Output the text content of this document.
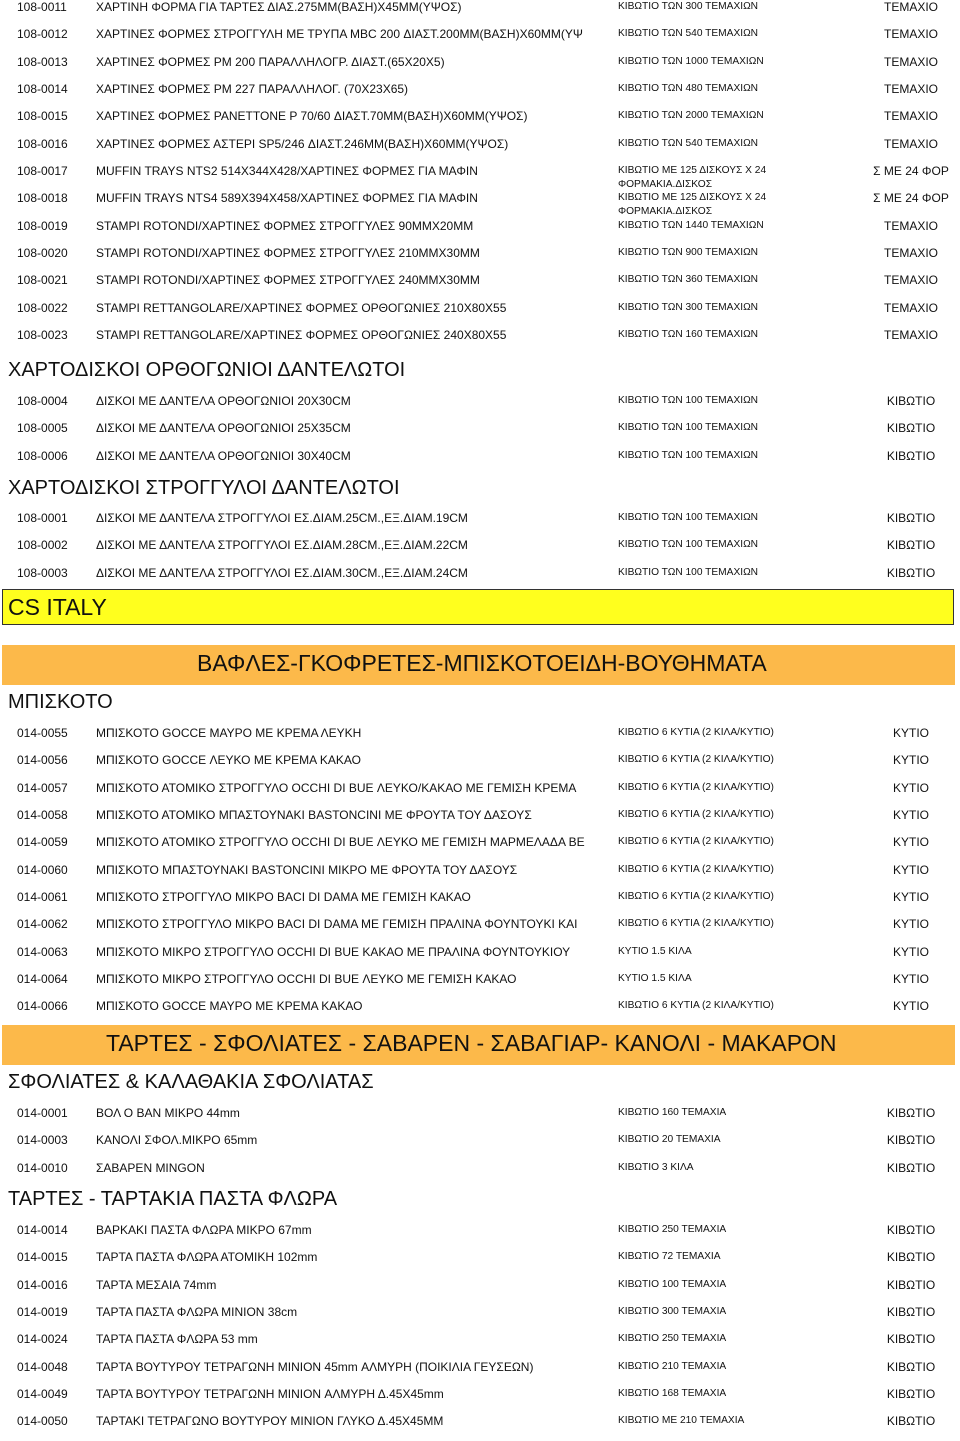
108-0011	ΧΑΡΤΙΝΗ ΦΟΡΜΑ ΓΙΑ ΤΑΡΤΕΣ ΔΙΑΣ.275ΜΜ(ΒΑΣΗ)Χ45ΜΜ(ΥΨΟΣ)	ΚΙΒΩΤΙΟ ΤΩΝ 300 ΤΕΜΑΧΙΩΝ	ΤΕΜΑΧΙΟ
108-0012	ΧΑΡΤΙΝΕΣ ΦΟΡΜΕΣ ΣΤΡΟΓΓΥΛΗ ΜΕ ΤΡΥΠΑ MBC 200 ΔΙΑΣΤ.200ΜΜ(ΒΑΣΗ)Χ60ΜΜ(ΥΨ	ΚΙΒΩΤΙΟ ΤΩΝ 540 ΤΕΜΑΧΙΩΝ	ΤΕΜΑΧΙΟ
108-0013	ΧΑΡΤΙΝΕΣ ΦΟΡΜΕΣ PM 200 ΠΑΡΑΛΛΗΛΟΓΡ. ΔΙΑΣΤ.(65Χ20Χ5)	ΚΙΒΩΤΙΟ ΤΩΝ 1000 ΤΕΜΑΧΙΩΝ	ΤΕΜΑΧΙΟ
108-0014	ΧΑΡΤΙΝΕΣ ΦΟΡΜΕΣ PM 227 ΠΑΡΑΛΛΗΛΟΓ. (70Χ23Χ65)	ΚΙΒΩΤΙΟ ΤΩΝ 480 ΤΕΜΑΧΙΩΝ	ΤΕΜΑΧΙΟ
108-0015	ΧΑΡΤΙΝΕΣ ΦΟΡΜΕΣ PANETTONE P 70/60 ΔΙΑΣΤ.70ΜΜ(ΒΑΣΗ)Χ60ΜΜ(ΥΨΟΣ)	ΚΙΒΩΤΙΟ ΤΩΝ 2000 ΤΕΜΑΧΙΩΝ	ΤΕΜΑΧΙΟ
108-0016	ΧΑΡΤΙΝΕΣ ΦΟΡΜΕΣ ΑΣΤΕΡΙ SP5/246 ΔΙΑΣΤ.246ΜΜ(ΒΑΣΗ)Χ60ΜΜ(ΥΨΟΣ)	ΚΙΒΩΤΙΟ ΤΩΝ 540 ΤΕΜΑΧΙΩΝ	ΤΕΜΑΧΙΟ
108-0017	MUFFIN TRAYS NTS2 514X344X428/ΧΑΡΤΙΝΕΣ ΦΟΡΜΕΣ ΓΙΑ ΜΑΦΙΝ	ΚΙΒΩΤΙΟ ΜΕ 125 ΔΙΣΚΟΥΣ Χ 24 ΦΟΡΜΑΚΙΑ.ΔΙΣΚΟΣ
Σ ΜΕ 24 ΦΟΡ
108-0018	MUFFIN TRAYS NTS4 589X394X458/ΧΑΡΤΙΝΕΣ ΦΟΡΜΕΣ ΓΙΑ ΜΑΦΙΝ	ΚΙΒΩΤΙΟ ΜΕ 125 ΔΙΣΚΟΥΣ Χ 24 ΦΟΡΜΑΚΙΑ.ΔΙΣΚΟΣ
Σ ΜΕ 24 ΦΟΡ
108-0019	STAMPI ROTONDI/ΧΑΡΤΙΝΕΣ ΦΟΡΜΕΣ ΣΤΡΟΓΓΥΛΕΣ 90ΜΜΧ20ΜΜ	ΚΙΒΩΤΙΟ ΤΩΝ 1440 ΤΕΜΑΧΙΩΝ	ΤΕΜΑΧΙΟ
108-0020	STAMPI ROTONDI/ΧΑΡΤΙΝΕΣ ΦΟΡΜΕΣ ΣΤΡΟΓΓΥΛΕΣ 210ΜΜΧ30ΜΜ	ΚΙΒΩΤΙΟ ΤΩΝ 900 ΤΕΜΑΧΙΩΝ	ΤΕΜΑΧΙΟ
108-0021	STAMPI ROTONDI/ΧΑΡΤΙΝΕΣ ΦΟΡΜΕΣ ΣΤΡΟΓΓΥΛΕΣ 240ΜΜΧ30ΜΜ	ΚΙΒΩΤΙΟ ΤΩΝ 360 ΤΕΜΑΧΙΩΝ	ΤΕΜΑΧΙΟ
108-0022	STAMPI RETTANGOLARE/ΧΑΡΤΙΝΕΣ ΦΟΡΜΕΣ ΟΡΘΟΓΩΝΙΕΣ 210Χ80Χ55	ΚΙΒΩΤΙΟ ΤΩΝ 300 ΤΕΜΑΧΙΩΝ	ΤΕΜΑΧΙΟ
108-0023	STAMPI RETTANGOLARE/ΧΑΡΤΙΝΕΣ ΦΟΡΜΕΣ ΟΡΘΟΓΩΝΙΕΣ 240Χ80Χ55	ΚΙΒΩΤΙΟ ΤΩΝ 160 ΤΕΜΑΧΙΩΝ	ΤΕΜΑΧΙΟ
ΧΑΡΤΟΔΙΣΚΟΙ ΟΡΘΟΓΩΝΙΟΙ ΔΑΝΤΕΛΩΤΟΙ
108-0004	ΔΙΣΚΟΙ ΜΕ ΔΑΝΤΕΛΑ ΟΡΘΟΓΩΝΙΟΙ 20Χ30CM	ΚΙΒΩΤΙΟ ΤΩΝ 100 ΤΕΜΑΧΙΩΝ	ΚΙΒΩΤΙΟ
108-0005	ΔΙΣΚΟΙ ΜΕ ΔΑΝΤΕΛΑ ΟΡΘΟΓΩΝΙΟΙ 25Χ35CM	ΚΙΒΩΤΙΟ ΤΩΝ 100 ΤΕΜΑΧΙΩΝ	ΚΙΒΩΤΙΟ
108-0006	ΔΙΣΚΟΙ ΜΕ ΔΑΝΤΕΛΑ ΟΡΘΟΓΩΝΙΟΙ 30Χ40CM	ΚΙΒΩΤΙΟ ΤΩΝ 100 ΤΕΜΑΧΙΩΝ	ΚΙΒΩΤΙΟ
ΧΑΡΤΟΔΙΣΚΟΙ ΣΤΡΟΓΓΥΛΟΙ ΔΑΝΤΕΛΩΤΟΙ
108-0001	ΔΙΣΚΟΙ ΜΕ ΔΑΝΤΕΛΑ ΣΤΡΟΓΓΥΛΟΙ ΕΣ.ΔΙΑΜ.25CM.,ΕΞ.ΔΙΑΜ.19CM	ΚΙΒΩΤΙΟ ΤΩΝ 100 ΤΕΜΑΧΙΩΝ	ΚΙΒΩΤΙΟ
108-0002	ΔΙΣΚΟΙ ΜΕ ΔΑΝΤΕΛΑ ΣΤΡΟΓΓΥΛΟΙ ΕΣ.ΔΙΑΜ.28CM.,ΕΞ.ΔΙΑΜ.22CM	ΚΙΒΩΤΙΟ ΤΩΝ 100 ΤΕΜΑΧΙΩΝ	ΚΙΒΩΤΙΟ
108-0003	ΔΙΣΚΟΙ ΜΕ ΔΑΝΤΕΛΑ ΣΤΡΟΓΓΥΛΟΙ ΕΣ.ΔΙΑΜ.30CM.,ΕΞ.ΔΙΑΜ.24CM	ΚΙΒΩΤΙΟ ΤΩΝ 100 ΤΕΜΑΧΙΩΝ	ΚΙΒΩΤΙΟ
CS ITALY
ΒΑΦΛΕΣ-ΓΚΟΦΡΕΤΕΣ-ΜΠΙΣΚΟΤΟΕΙΔΗ-ΒΟΥΘΗΜΑΤΑ
ΜΠΙΣΚΟΤΟ
014-0055	ΜΠΙΣΚΟΤΟ GOCCE ΜΑΥΡΟ ΜΕ ΚΡΕΜΑ ΛΕΥΚΗ	ΚΙΒΩΤΙΟ 6 ΚΥΤΙΑ (2 ΚΙΛΑ/ΚΥΤΙΟ)	ΚΥΤΙΟ
014-0056	ΜΠΙΣΚΟΤΟ GOCCE ΛΕΥΚΟ ΜΕ ΚΡΕΜΑ ΚΑΚΑΟ	ΚΙΒΩΤΙΟ 6 ΚΥΤΙΑ (2 ΚΙΛΑ/ΚΥΤΙΟ)	ΚΥΤΙΟ
014-0057	ΜΠΙΣΚΟΤΟ ΑΤΟΜΙΚΟ ΣΤΡΟΓΓΥΛΟ OCCHI DI BUE ΛΕΥΚΟ/ΚΑΚΑΟ ΜΕ ΓΕΜΙΣΗ ΚΡΕΜΑ	ΚΙΒΩΤΙΟ 6 ΚΥΤΙΑ (2 ΚΙΛΑ/ΚΥΤΙΟ)	ΚΥΤΙΟ
014-0058	ΜΠΙΣΚΟΤΟ ΑΤΟΜΙΚΟ ΜΠΑΣΤΟΥΝΑΚΙ BASTONCINI ΜΕ ΦΡΟΥΤΑ ΤΟΥ ΔΑΣΟΥΣ	ΚΙΒΩΤΙΟ 6 ΚΥΤΙΑ (2 ΚΙΛΑ/ΚΥΤΙΟ)	ΚΥΤΙΟ
014-0059	ΜΠΙΣΚΟΤΟ ΑΤΟΜΙΚΟ ΣΤΡΟΓΓΥΛΟ OCCHI DI BUE ΛΕΥΚΟ ΜΕ ΓΕΜΙΣΗ ΜΑΡΜΕΛΑΔΑ ΒΕ	ΚΙΒΩΤΙΟ 6 ΚΥΤΙΑ (2 ΚΙΛΑ/ΚΥΤΙΟ)	ΚΥΤΙΟ
014-0060	ΜΠΙΣΚΟΤΟ ΜΠΑΣΤΟΥΝΑΚΙ BASTONCINI ΜΙΚΡΟ ΜΕ ΦΡΟΥΤΑ ΤΟΥ ΔΑΣΟΥΣ	ΚΙΒΩΤΙΟ 6 ΚΥΤΙΑ (2 ΚΙΛΑ/ΚΥΤΙΟ)	ΚΥΤΙΟ
014-0061	ΜΠΙΣΚΟΤΟ ΣΤΡΟΓΓΥΛΟ ΜΙΚΡΟ BACI DI DAMA ΜΕ ΓΕΜΙΣΗ ΚΑΚΑΟ	ΚΙΒΩΤΙΟ 6 ΚΥΤΙΑ (2 ΚΙΛΑ/ΚΥΤΙΟ)	ΚΥΤΙΟ
014-0062	ΜΠΙΣΚΟΤΟ ΣΤΡΟΓΓΥΛΟ ΜΙΚΡΟ BACI DI DAMA ΜΕ ΓΕΜΙΣΗ ΠΡΑΛΙΝΑ ΦΟΥΝΤΟΥΚΙ ΚΑΙ	ΚΙΒΩΤΙΟ 6 ΚΥΤΙΑ (2 ΚΙΛΑ/ΚΥΤΙΟ)	ΚΥΤΙΟ
014-0063	ΜΠΙΣΚΟΤΟ ΜΙΚΡΟ ΣΤΡΟΓΓΥΛΟ OCCHI DI BUE ΚΑΚΑΟ ΜΕ ΠΡΑΛΙΝΑ ΦΟΥΝΤΟΥΚΙΟΥ	ΚΥΤΙΟ 1.5 ΚΙΛΑ	ΚΥΤΙΟ
014-0064	ΜΠΙΣΚΟΤΟ ΜΙΚΡΟ ΣΤΡΟΓΓΥΛΟ OCCHI DI BUE ΛΕΥΚΟ ΜΕ ΓΕΜΙΣΗ ΚΑΚΑΟ	ΚΥΤΙΟ 1.5 ΚΙΛΑ	ΚΥΤΙΟ
014-0066	ΜΠΙΣΚΟΤΟ GOCCE ΜΑΥΡΟ ΜΕ ΚΡΕΜΑ ΚΑΚΑΟ	ΚΙΒΩΤΙΟ 6 ΚΥΤΙΑ (2 ΚΙΛΑ/ΚΥΤΙΟ)	ΚΥΤΙΟ
ΤΑΡΤΕΣ - ΣΦΟΛΙΑΤΕΣ - ΣΑΒΑΡΕΝ - ΣΑΒΑΓΙΑΡ- ΚΑΝΟΛΙ - ΜΑΚΑΡΟΝ
ΣΦΟΛΙΑΤΕΣ & ΚΑΛΑΘΑΚΙΑ ΣΦΟΛΙΑΤΑΣ
014-0001	ΒΟΛ Ο ΒΑΝ ΜΙΚΡΟ 44mm	ΚΙΒΩΤΙΟ 160 ΤΕΜΑΧΙΑ	ΚΙΒΩΤΙΟ
014-0003	ΚΑΝΟΛΙ ΣΦΟΛ.ΜΙΚΡΟ 65mm	ΚΙΒΩΤΙΟ 20 ΤΕΜΑΧΙΑ	ΚΙΒΩΤΙΟ
014-0010	ΣΑΒΑΡΕΝ MINGON	ΚΙΒΩΤΙΟ 3 ΚΙΛΑ	ΚΙΒΩΤΙΟ
ΤΑΡΤΕΣ - ΤΑΡΤΑΚΙΑ ΠΑΣΤΑ ΦΛΩΡΑ
014-0014	ΒΑΡΚΑΚΙ ΠΑΣΤΑ ΦΛΩΡΑ ΜΙΚΡΟ 67mm	ΚΙΒΩΤΙΟ 250 ΤΕΜΑΧΙΑ	ΚΙΒΩΤΙΟ
014-0015	ΤΑΡΤΑ ΠΑΣΤΑ ΦΛΩΡΑ ΑΤΟΜΙΚΗ 102mm	ΚΙΒΩΤΙΟ 72 ΤΕΜΑΧΙΑ	ΚΙΒΩΤΙΟ
014-0016	ΤΑΡΤΑ ΜΕΣΑΙΑ 74mm	ΚΙΒΩΤΙΟ 100 ΤΕΜΑΧΙΑ	ΚΙΒΩΤΙΟ
014-0019	ΤΑΡΤΑ ΠΑΣΤΑ ΦΛΩΡΑ MINION 38cm	ΚΙΒΩΤΙΟ 300 ΤΕΜΑΧΙΑ	ΚΙΒΩΤΙΟ
014-0024	ΤΑΡΤΑ ΠΑΣΤΑ ΦΛΩΡΑ 53 mm	ΚΙΒΩΤΙΟ 250 ΤΕΜΑΧΙΑ	ΚΙΒΩΤΙΟ
014-0048	ΤΑΡΤΑ ΒΟΥΤΥΡΟΥ ΤΕΤΡΑΓΩΝΗ MINION 45mm ΑΛΜΥΡΗ (ΠΟΙΚΙΛΙΑ ΓΕΥΣΕΩΝ)	ΚΙΒΩΤΙΟ 210 ΤΕΜΑΧΙΑ	ΚΙΒΩΤΙΟ
014-0049	ΤΑΡΤΑ ΒΟΥΤΥΡΟΥ ΤΕΤΡΑΓΩΝΗ MINION ΑΛΜΥΡΗ Δ.45Χ45mm	ΚΙΒΩΤΙΟ 168 ΤΕΜΑΧΙΑ	ΚΙΒΩΤΙΟ
014-0050	ΤΑΡΤΑΚΙ ΤΕΤΡΑΓΩΝΟ ΒΟΥΤΥΡΟΥ MINION ΓΛΥΚΟ Δ.45Χ45ΜΜ	ΚΙΒΩΤΙΟ ΜΕ 210 ΤΕΜΑΧΙΑ	ΚΙΒΩΤΙΟ
